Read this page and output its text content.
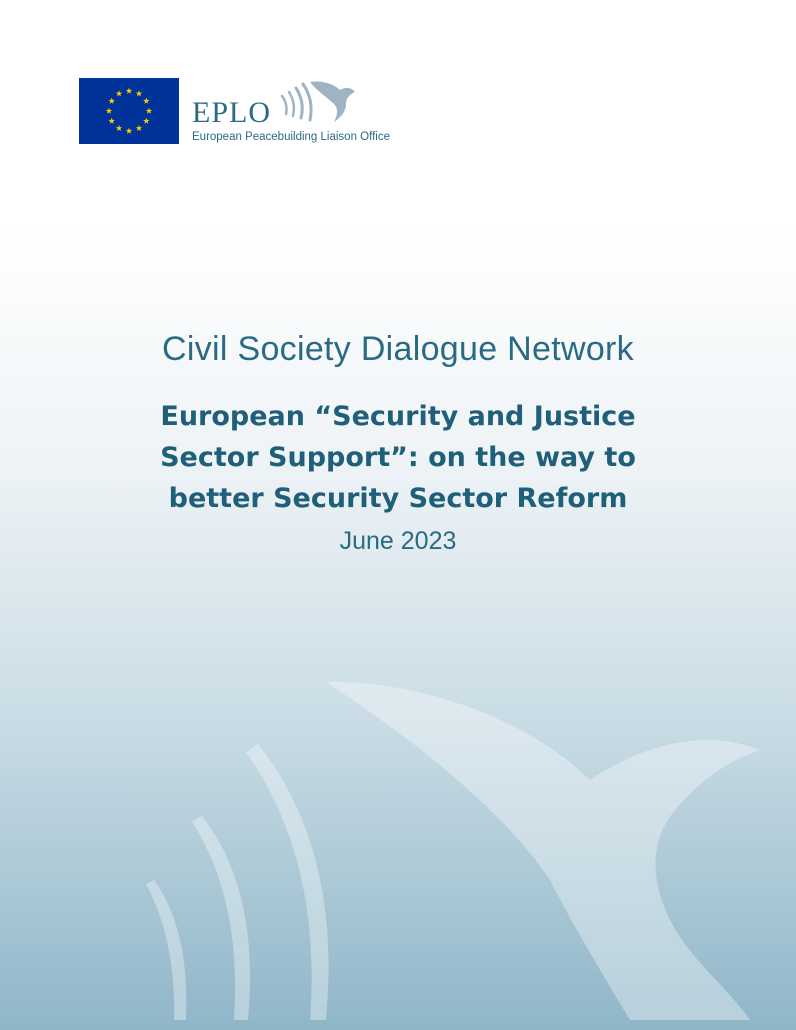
EPLO
European Peacebuilding Liaison Office
Civil Society Dialogue Network
European “Security and Justice
Sector Support”: on the way to
better Security Sector Reform
June 2023
